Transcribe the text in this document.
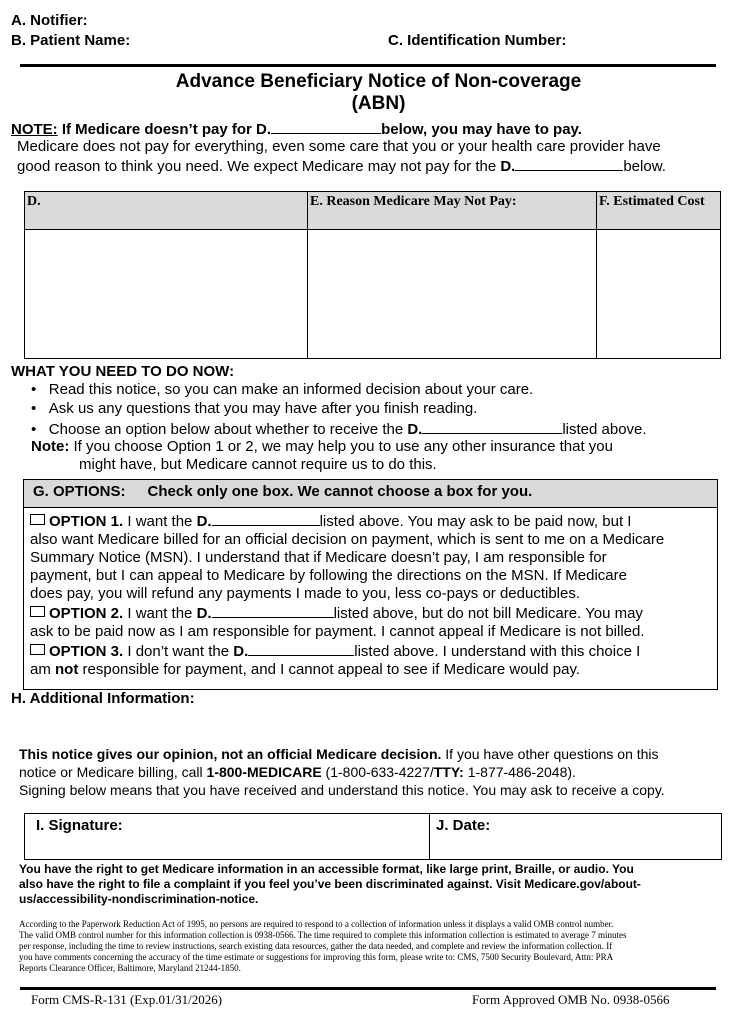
A. Notifier:
B. Patient Name:	C. Identification Number:
Advance Beneficiary Notice of Non-coverage
(ABN)
NOTE: If Medicare doesn’t pay for D.	below, you may have to pay.
Medicare does not pay for everything, even some care that you or your health care provider have
good reason to think you need. We expect Medicare may not pay for the D.	below.
D.	E. Reason Medicare May Not Pay:	F. Estimated Cost

WHAT YOU NEED TO DO NOW:
•   Read this notice, so you can make an informed decision about your care.
•   Ask us any questions that you may have after you finish reading.
•   Choose an option below about whether to receive the D.	listed above.
Note: If you choose Option 1 or 2, we may help you to use any other insurance that you
might have, but Medicare cannot require us to do this.
G. OPTIONS: Check only one box. We cannot choose a box for you.
OPTION 1. I want the D.	listed above. You may ask to be paid now, but I
also want Medicare billed for an official decision on payment, which is sent to me on a Medicare
Summary Notice (MSN). I understand that if Medicare doesn’t pay, I am responsible for
payment, but I can appeal to Medicare by following the directions on the MSN. If Medicare
does pay, you will refund any payments I made to you, less co-pays or deductibles.
OPTION 2. I want the D.	listed above, but do not bill Medicare. You may
ask to be paid now as I am responsible for payment. I cannot appeal if Medicare is not billed.
OPTION 3. I don’t want the D.	listed above. I understand with this choice I
am not responsible for payment, and I cannot appeal to see if Medicare would pay.
H. Additional Information:
This notice gives our opinion, not an official Medicare decision. If you have other questions on this
notice or Medicare billing, call 1-800-MEDICARE (1-800-633-4227/TTY: 1-877-486-2048).
Signing below means that you have received and understand this notice. You may ask to receive a copy.
I. Signature:	J. Date:
You have the right to get Medicare information in an accessible format, like large print, Braille, or audio. You
also have the right to file a complaint if you feel you’ve been discriminated against. Visit Medicare.gov/about-
us/accessibility-nondiscrimination-notice.
According to the Paperwork Reduction Act of 1995, no persons are required to respond to a collection of information unless it displays a valid OMB control number.
The valid OMB control number for this information collection is 0938-0566. The time required to complete this information collection is estimated to average 7 minutes
per response, including the time to review instructions, search existing data resources, gather the data needed, and complete and review the information collection. If
you have comments concerning the accuracy of the time estimate or suggestions for improving this form, please write to: CMS, 7500 Security Boulevard, Attn: PRA
Reports Clearance Officer, Baltimore, Maryland 21244-1850.
Form CMS-R-131 (Exp.01/31/2026)	Form Approved OMB No. 0938-0566
